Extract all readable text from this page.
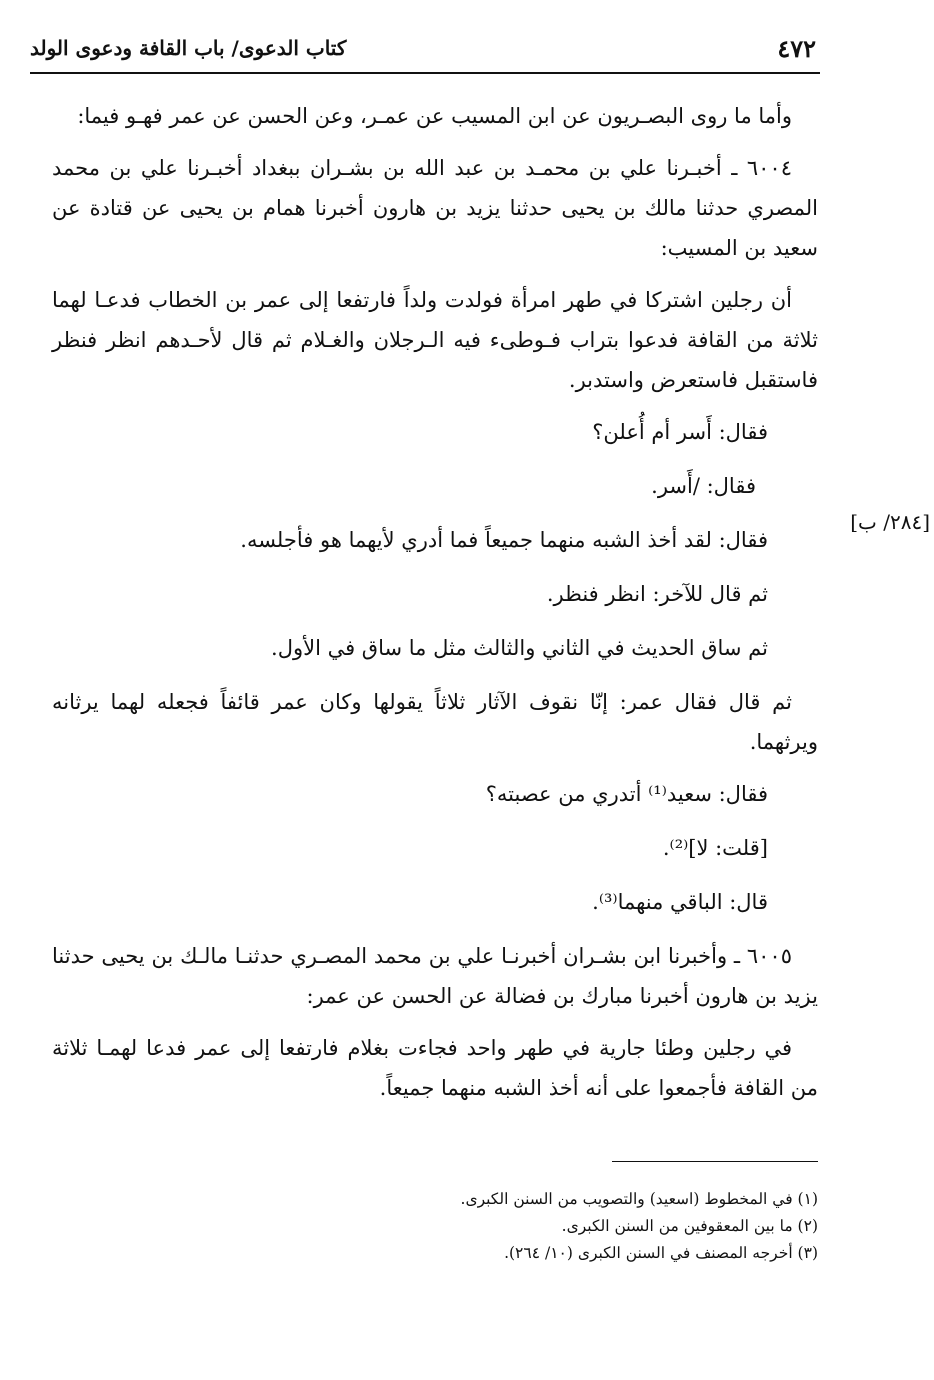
٤٧٢
كتاب الدعوى/ باب القافة ودعوى الولد
[٢٨٤/ ب]

وأما ما روى البصـريون عن ابن المسيب عن عمـر، وعن الحسن عن عمر فهـو فيما:

٦٠٠٤ ـ أخبـرنا علي بن محمـد بن عبد الله بن بشـران ببغداد أخبـرنا علي بن محمد المصري حدثنا مالك بن يحيى حدثنا يزيد بن هارون أخبرنا همام بن يحيى عن قتادة عن سعيد بن المسيب:

أن رجلين اشتركا في طهر امرأة فولدت ولداً فارتفعا إلى عمر بن الخطاب فدعـا لهما ثلاثة من القافة فدعوا بتراب فـوطىء فيه الـرجلان والغـلام ثم قال لأحـدهم انظر فنظر فاستقبل فاستعرض واستدبر.

فقال: أَسر أم أُعلن؟

فقال: /أَسر.

فقال: لقد أخذ الشبه منهما جميعاً فما أدري لأيهما هو فأجلسه.

ثم قال للآخر: انظر فنظر.

ثم ساق الحديث في الثاني والثالث مثل ما ساق في الأول.

ثم قال فقال عمر: إنّا نقوف الآثار ثلاثاً يقولها وكان عمر قائفاً فجعله لهما يرثانه ويرثهما.

فقال: سعيد⁽¹⁾ أتدري من عصبته؟

[قلت: لا]⁽²⁾.

قال: الباقي منهما⁽³⁾.

٦٠٠٥ ـ وأخبرنا ابن بشـران أخبرنـا علي بن محمد المصـري حدثنـا مالـك بن يحيى حدثنا يزيد بن هارون أخبرنا مبارك بن فضالة عن الحسن عن عمر:

في رجلين وطئا جارية في طهر واحد فجاءت بغلام فارتفعا إلى عمر فدعا لهمـا ثلاثة من القافة فأجمعوا على أنه أخذ الشبه منهما جميعاً.

(١) في المخطوط (اسعيد) والتصويب من السنن الكبرى.
(٢) ما بين المعقوفين من السنن الكبرى.
(٣) أخرجه المصنف في السنن الكبرى (١٠/ ٢٦٤).
